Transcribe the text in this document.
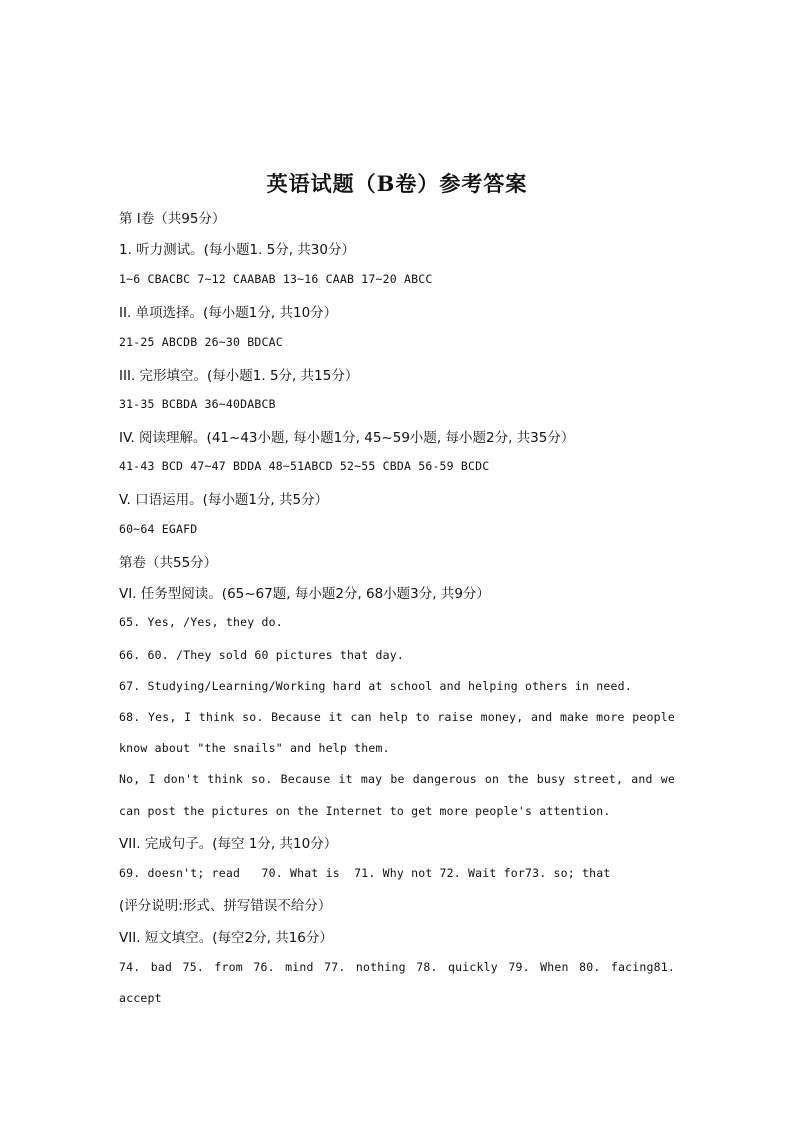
英语试题（B卷）参考答案
第 I卷（共95分）
1. 听力测试。(每小题1. 5分, 共30分）
1~6 CBACBC 7~12 CAABAB 13~16 CAAB 17~20 ABCC
II. 单项选择。(每小题1分, 共10分）
21-25 ABCDB 26~30 BDCAC
III. 完形填空。(每小题1. 5分, 共15分）
31-35 BCBDA 36~40DABCB
IV. 阅读理解。(41~43小题, 每小题1分, 45~59小题, 每小题2分, 共35分）
41-43 BCD 47~47 BDDA 48~51ABCD 52~55 CBDA 56-59 BCDC
V. 口语运用。(每小题1分, 共5分）
60~64 EGAFD
第卷（共55分）
VI. 任务型阅读。(65~67题, 每小题2分, 68小题3分, 共9分）
65. Yes, /Yes, they do.
66. 60. /They sold 60 pictures that day.
67. Studying/Learning/Working hard at school and helping others in need.
68. Yes, I think so. Because it can help to raise money, and make more people
know about "the snails" and help them.
No, I don't think so. Because it may be dangerous on the busy street, and we
can post the pictures on the Internet to get more people's attention.
VII. 完成句子。(每空 1分, 共10分）
69. doesn't; read   70. What is  71. Why not 72. Wait for73. so; that
(评分说明:形式、拼写错误不给分）
VII. 短文填空。(每空2分, 共16分）
74. bad 75. from 76. mind 77. nothing 78. quickly 79. When 80. facing81.
accept
